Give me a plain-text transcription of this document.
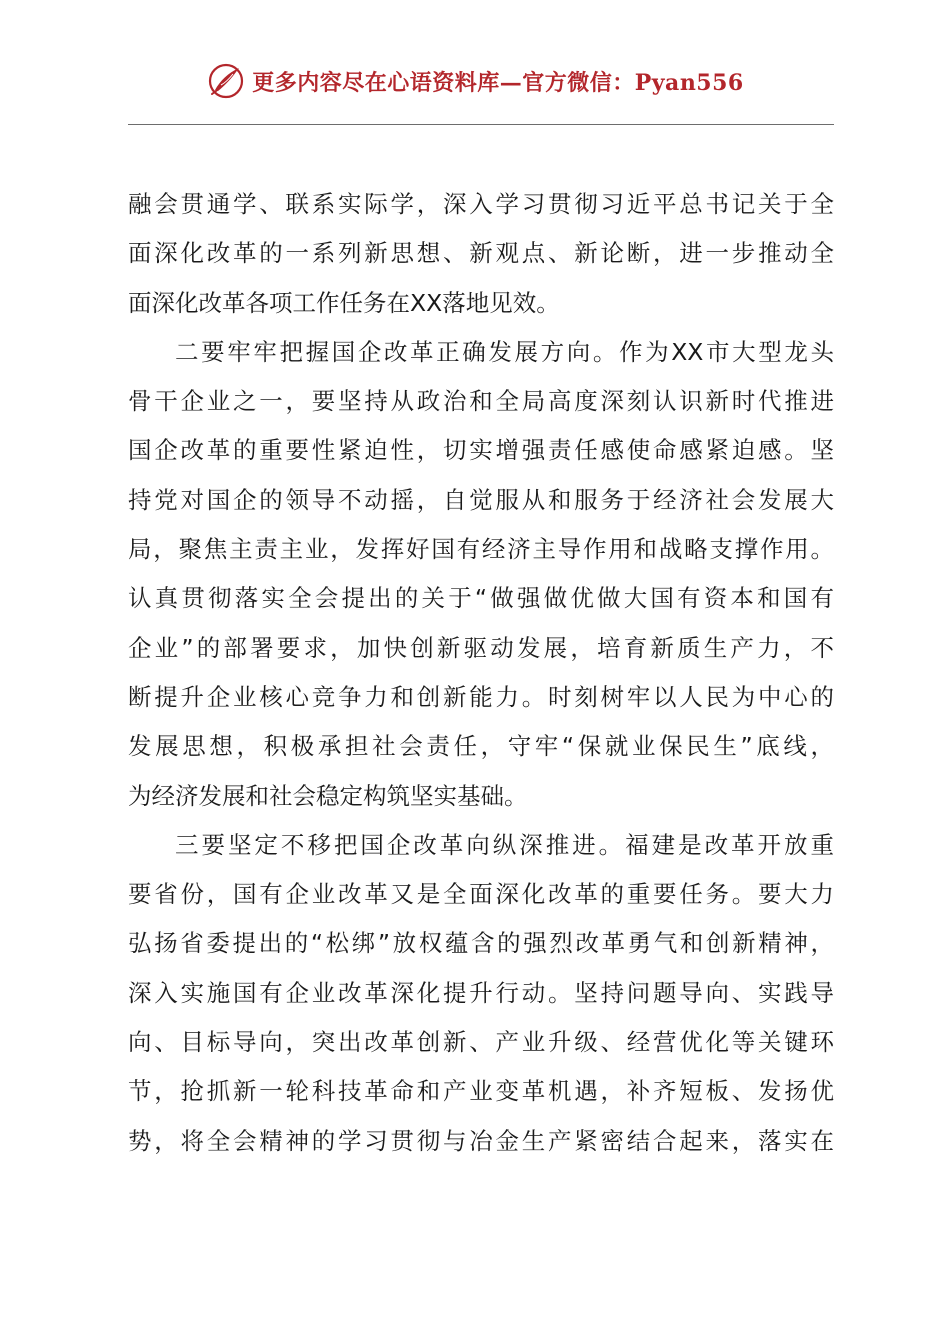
更多内容尽在心语资料库—官方微信：Pyan556
融会贯通学、联系实际学，深入学习贯彻习近平总书记关于全
面深化改革的一系列新思想、新观点、新论断，进一步推动全
面深化改革各项工作任务在XX落地见效。
二要牢牢把握国企改革正确发展方向。作为XX市大型龙头
骨干企业之一，要坚持从政治和全局高度深刻认识新时代推进
国企改革的重要性紧迫性，切实增强责任感使命感紧迫感。坚
持党对国企的领导不动摇，自觉服从和服务于经济社会发展大
局，聚焦主责主业，发挥好国有经济主导作用和战略支撑作用。
认真贯彻落实全会提出的关于“做强做优做大国有资本和国有
企业”的部署要求，加快创新驱动发展，培育新质生产力，不
断提升企业核心竞争力和创新能力。时刻树牢以人民为中心的
发展思想，积极承担社会责任，守牢“保就业保民生”底线，
为经济发展和社会稳定构筑坚实基础。
三要坚定不移把国企改革向纵深推进。福建是改革开放重
要省份，国有企业改革又是全面深化改革的重要任务。要大力
弘扬省委提出的“松绑”放权蕴含的强烈改革勇气和创新精神，
深入实施国有企业改革深化提升行动。坚持问题导向、实践导
向、目标导向，突出改革创新、产业升级、经营优化等关键环
节，抢抓新一轮科技革命和产业变革机遇，补齐短板、发扬优
势，将全会精神的学习贯彻与冶金生产紧密结合起来，落实在
